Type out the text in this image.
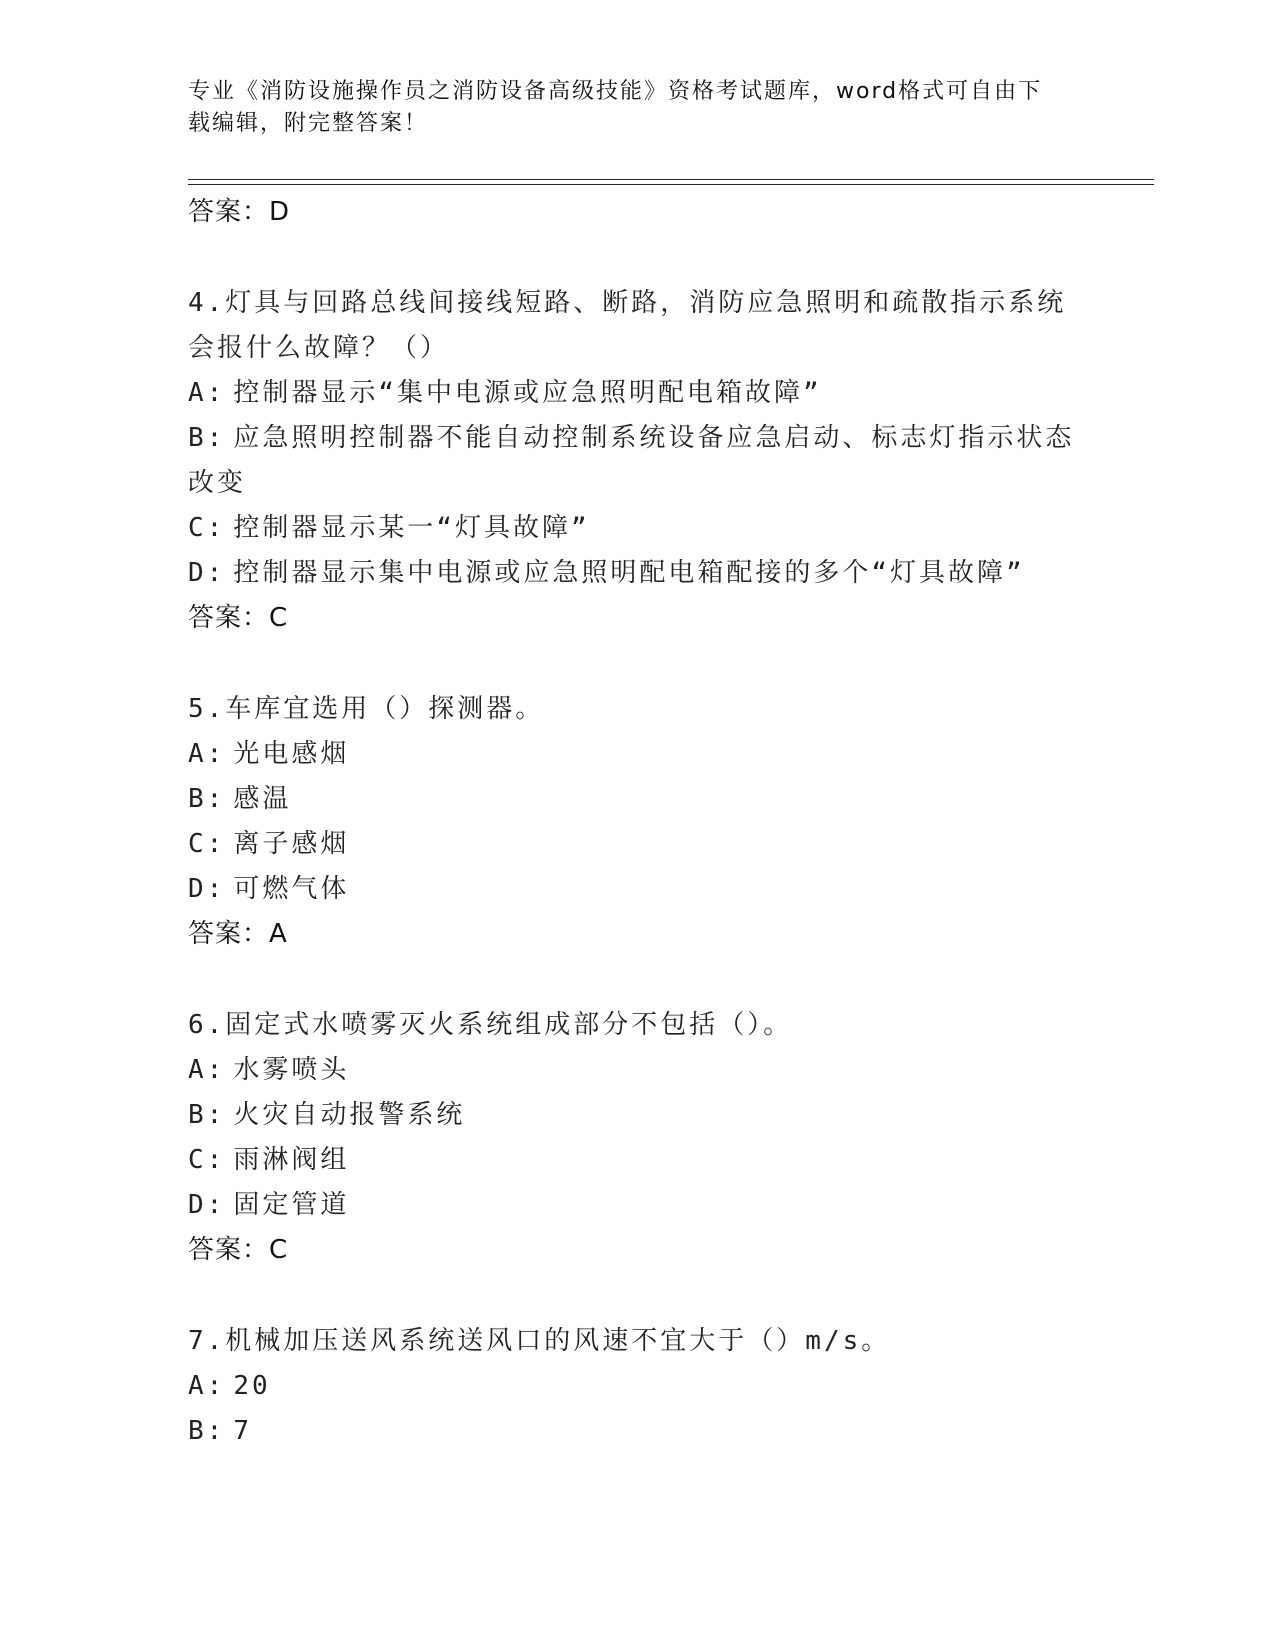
专业《消防设施操作员之消防设备高级技能》资格考试题库，word格式可自由下
载编辑，附完整答案！
答案：D
4.灯具与回路总线间接线短路、断路，消防应急照明和疏散指示系统会报什么故障？（）
A: 控制器显示“集中电源或应急照明配电箱故障”
B: 应急照明控制器不能自动控制系统设备应急启动、标志灯指示状态改变
C: 控制器显示某一“灯具故障”
D: 控制器显示集中电源或应急照明配电箱配接的多个“灯具故障”
答案：C
5.车库宜选用（）探测器。
A: 光电感烟
B: 感温
C: 离子感烟
D: 可燃气体
答案：A
6.固定式水喷雾灭火系统组成部分不包括（）。
A: 水雾喷头
B: 火灾自动报警系统
C: 雨淋阀组
D: 固定管道
答案：C
7.机械加压送风系统送风口的风速不宜大于（）m/s。
A: 20
B: 7
